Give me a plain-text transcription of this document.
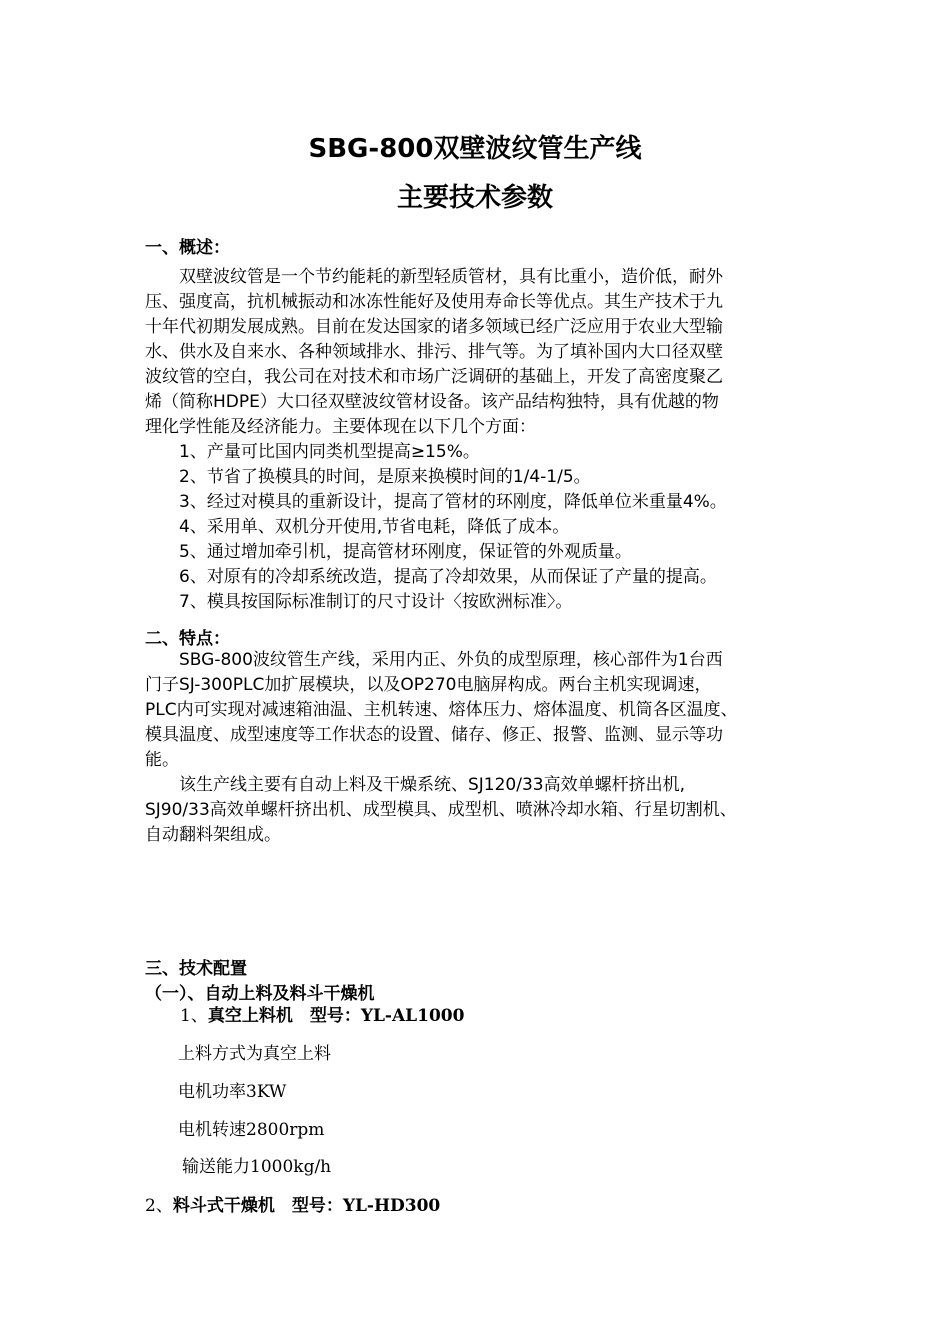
SBG-800双壁波纹管生产线
主要技术参数
一、概述：
　　双壁波纹管是一个节约能耗的新型轻质管材，具有比重小，造价低，耐外
压、强度高，抗机械振动和冰冻性能好及使用寿命长等优点。其生产技术于九
十年代初期发展成熟。目前在发达国家的诸多领域已经广泛应用于农业大型输
水、供水及自来水、各种领域排水、排污、排气等。为了填补国内大口径双壁
波纹管的空白，我公司在对技术和市场广泛调研的基础上，开发了高密度聚乙
烯（简称HDPE）大口径双壁波纹管材设备。该产品结构独特，具有优越的物
理化学性能及经济能力。主要体现在以下几个方面：
　　1、产量可比国内同类机型提高≥15%。
　　2、节省了换模具的时间，是原来换模时间的1/4-1/5。
　　3、经过对模具的重新设计，提高了管材的环刚度，降低单位米重量4%。
　　4、采用单、双机分开使用,节省电耗，降低了成本。
　　5、通过增加牵引机，提高管材环刚度，保证管的外观质量。
　　6、对原有的冷却系统改造，提高了冷却效果，从而保证了产量的提高。
　　7、模具按国际标准制订的尺寸设计〈按欧洲标准〉。
二、特点：
　　SBG-800波纹管生产线，采用内正、外负的成型原理，核心部件为1台西
门子SJ-300PLC加扩展模块，以及OP270电脑屏构成。两台主机实现调速，
PLC内可实现对减速箱油温、主机转速、熔体压力、熔体温度、机筒各区温度、
模具温度、成型速度等工作状态的设置、储存、修正、报警、监测、显示等功
能。
　　该生产线主要有自动上料及干燥系统、SJ120/33高效单螺杆挤出机,
SJ90/33高效单螺杆挤出机、成型模具、成型机、喷淋冷却水箱、行星切割机、
自动翻料架组成。
三、技术配置
（一）、自动上料及料斗干燥机
1、真空上料机　型号：YL-AL1000
上料方式为真空上料
电机功率3KW
电机转速2800rpm
输送能力1000kg/h
2、料斗式干燥机　型号：YL-HD300
